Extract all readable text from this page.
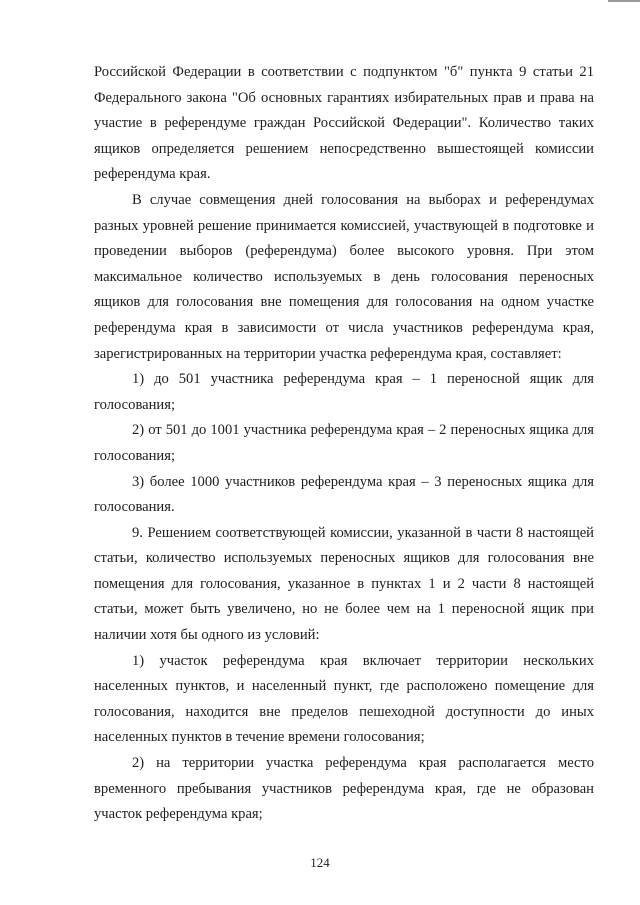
Российской Федерации в соответствии с подпунктом "б" пункта 9 статьи 21 Федерального закона "Об основных гарантиях избирательных прав и права на участие в референдуме граждан Российской Федерации". Количество таких ящиков определяется решением непосредственно вышестоящей комиссии референдума края.

В случае совмещения дней голосования на выборах и референдумах разных уровней решение принимается комиссией, участвующей в подготовке и проведении выборов (референдума) более высокого уровня. При этом максимальное количество используемых в день голосования переносных ящиков для голосования вне помещения для голосования на одном участке референдума края в зависимости от числа участников референдума края, зарегистрированных на территории участка референдума края, составляет:

1) до 501 участника референдума края – 1 переносной ящик для голосования;

2) от 501 до 1001 участника референдума края – 2 переносных ящика для голосования;

3) более 1000 участников референдума края – 3 переносных ящика для голосования.

9. Решением соответствующей комиссии, указанной в части 8 настоящей статьи, количество используемых переносных ящиков для голосования вне помещения для голосования, указанное в пунктах 1 и 2 части 8 настоящей статьи, может быть увеличено, но не более чем на 1 переносной ящик при наличии хотя бы одного из условий:

1) участок референдума края включает территории нескольких населенных пунктов, и населенный пункт, где расположено помещение для голосования, находится вне пределов пешеходной доступности до иных населенных пунктов в течение времени голосования;

2) на территории участка референдума края располагается место временного пребывания участников референдума края, где не образован участок референдума края;

124
